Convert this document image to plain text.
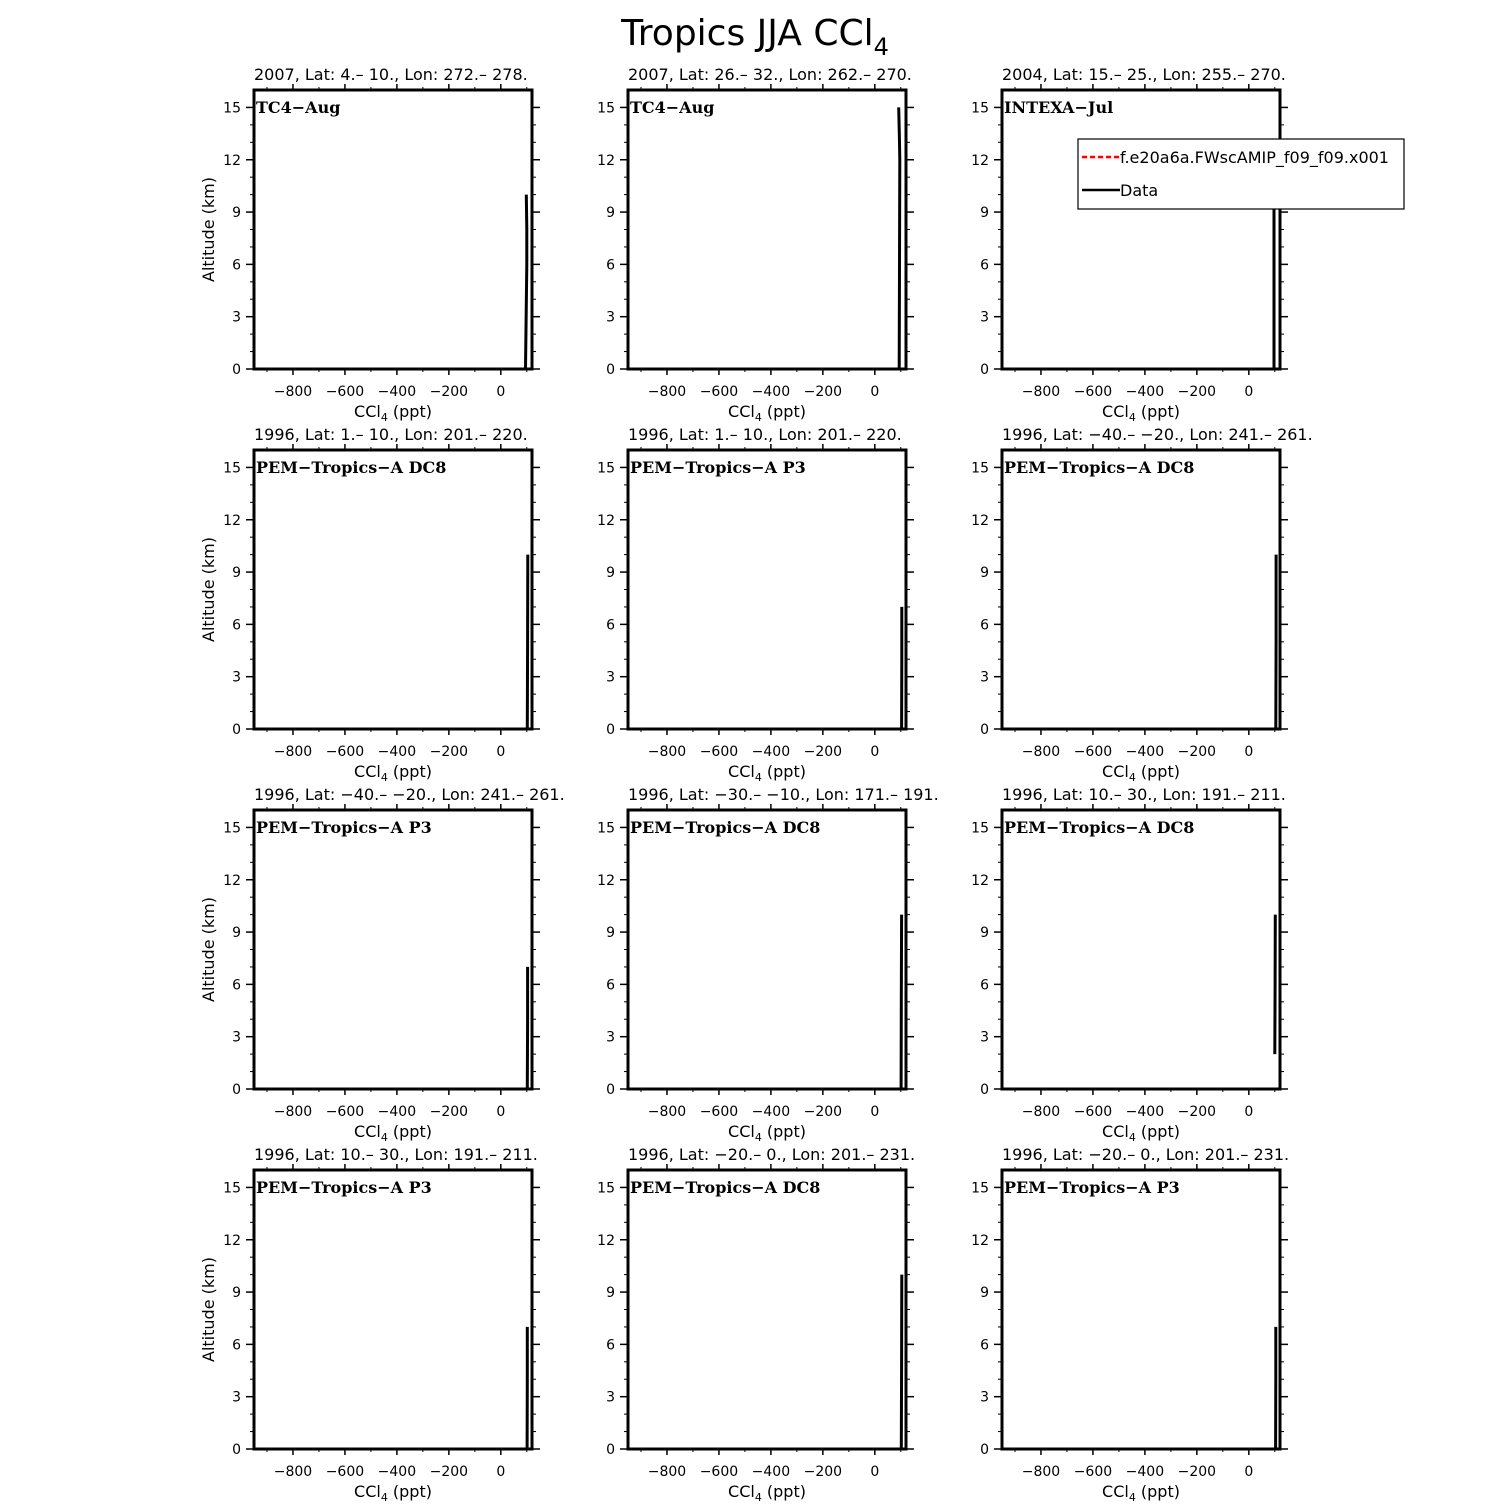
Tropics JJA CCl$_4$
−800 −600 −400 −200 0
0
3
6
9
12
15
2007, Lat: 4.– 10., Lon: 272.– 278.
TC4−Aug
CCl$_4$ (ppt)
Altitude (km)
−800 −600 −400 −200 0
0
3
6
9
12
15
2007, Lat: 26.– 32., Lon: 262.– 270.
TC4−Aug
CCl$_4$ (ppt)
−800 −600 −400 −200 0
0
3
6
9
12
15
2004, Lat: 15.– 25., Lon: 255.– 270.
INTEXA−Jul
CCl$_4$ (ppt)
−800 −600 −400 −200 0
0
3
6
9
12
15
1996, Lat: 1.– 10., Lon: 201.– 220.
PEM−Tropics−A DC8
CCl$_4$ (ppt)
Altitude (km)
−800 −600 −400 −200 0
0
3
6
9
12
15
1996, Lat: 1.– 10., Lon: 201.– 220.
PEM−Tropics−A P3
CCl$_4$ (ppt)
−800 −600 −400 −200 0
0
3
6
9
12
15
1996, Lat: −40.– −20., Lon: 241.– 261.
PEM−Tropics−A DC8
CCl$_4$ (ppt)
−800 −600 −400 −200 0
0
3
6
9
12
15
1996, Lat: −40.– −20., Lon: 241.– 261.
PEM−Tropics−A P3
CCl$_4$ (ppt)
Altitude (km)
−800 −600 −400 −200 0
0
3
6
9
12
15
1996, Lat: −30.– −10., Lon: 171.– 191.
PEM−Tropics−A DC8
CCl$_4$ (ppt)
−800 −600 −400 −200 0
0
3
6
9
12
15
1996, Lat: 10.– 30., Lon: 191.– 211.
PEM−Tropics−A DC8
CCl$_4$ (ppt)
−800 −600 −400 −200 0
0
3
6
9
12
15
1996, Lat: 10.– 30., Lon: 191.– 211.
PEM−Tropics−A P3
CCl$_4$ (ppt)
Altitude (km)
−800 −600 −400 −200 0
0
3
6
9
12
15
1996, Lat: −20.– 0., Lon: 201.– 231.
PEM−Tropics−A DC8
CCl$_4$ (ppt)
−800 −600 −400 −200 0
0
3
6
9
12
15
1996, Lat: −20.– 0., Lon: 201.– 231.
PEM−Tropics−A P3
CCl$_4$ (ppt)
f.e20a6a.FWscAMIP_f09_f09.x001
Data
